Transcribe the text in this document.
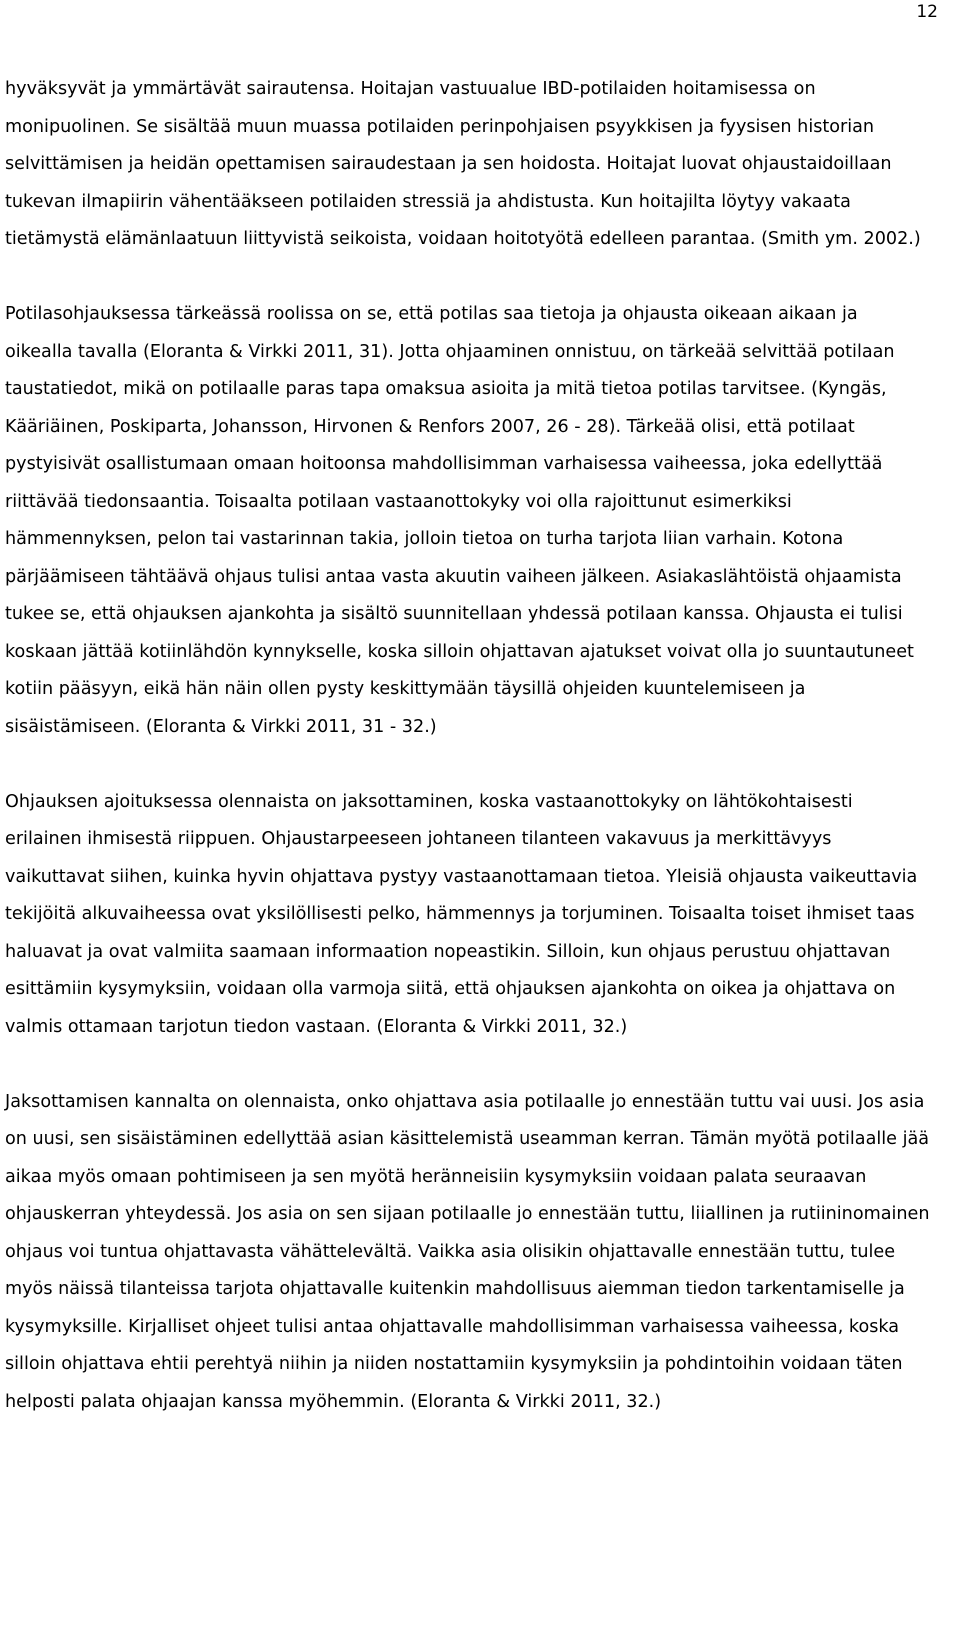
12

hyväksyvät ja ymmärtävät sairautensa. Hoitajan vastuualue IBD-potilaiden hoitamisessa on monipuolinen. Se sisältää muun muassa potilaiden perinpohjaisen psyykkisen ja fyysisen historian selvittämisen ja heidän opettamisen sairaudestaan ja sen hoidosta. Hoitajat luovat ohjaustaidoillaan tukevan ilmapiirin vähentääkseen potilaiden stressiä ja ahdistusta. Kun hoitajilta löytyy vakaata tietämystä elämänlaatuun liittyvistä seikoista, voidaan hoitotyötä edelleen parantaa. (Smith ym. 2002.)

Potilasohjauksessa tärkeässä roolissa on se, että potilas saa tietoja ja ohjausta oikeaan aikaan ja oikealla tavalla (Eloranta & Virkki 2011, 31). Jotta ohjaaminen onnistuu, on tärkeää selvittää potilaan taustatiedot, mikä on potilaalle paras tapa omaksua asioita ja mitä tietoa potilas tarvitsee. (Kyngäs, Kääriäinen, Poskiparta, Johansson, Hirvonen & Renfors 2007, 26 - 28). Tärkeää olisi, että potilaat pystyisivät osallistumaan omaan hoitoonsa mahdollisimman varhaisessa vaiheessa, joka edellyttää riittävää tiedonsaantia. Toisaalta potilaan vastaanottokyky voi olla rajoittunut esimerkiksi hämmennyksen, pelon tai vastarinnan takia, jolloin tietoa on turha tarjota liian varhain. Kotona pärjäämiseen tähtäävä ohjaus tulisi antaa vasta akuutin vaiheen jälkeen. Asiakaslähtöistä ohjaamista tukee se, että ohjauksen ajankohta ja sisältö suunnitellaan yhdessä potilaan kanssa. Ohjausta ei tulisi koskaan jättää kotiinlähdön kynnykselle, koska silloin ohjattavan ajatukset voivat olla jo suuntautuneet kotiin pääsyyn, eikä hän näin ollen pysty keskittymään täysillä ohjeiden kuuntelemiseen ja sisäistämiseen. (Eloranta & Virkki 2011, 31 - 32.)

Ohjauksen ajoituksessa olennaista on jaksottaminen, koska vastaanottokyky on lähtökohtaisesti erilainen ihmisestä riippuen. Ohjaustarpeeseen johtaneen tilanteen vakavuus ja merkittävyys vaikuttavat siihen, kuinka hyvin ohjattava pystyy vastaanottamaan tietoa. Yleisiä ohjausta vaikeuttavia tekijöitä alkuvaiheessa ovat yksilöllisesti pelko, hämmennys ja torjuminen. Toisaalta toiset ihmiset taas haluavat ja ovat valmiita saamaan informaation nopeastikin. Silloin, kun ohjaus perustuu ohjattavan esittämiin kysymyksiin, voidaan olla varmoja siitä, että ohjauksen ajankohta on oikea ja ohjattava on valmis ottamaan tarjotun tiedon vastaan. (Eloranta & Virkki 2011, 32.)

Jaksottamisen kannalta on olennaista, onko ohjattava asia potilaalle jo ennestään tuttu vai uusi. Jos asia on uusi, sen sisäistäminen edellyttää asian käsittelemistä useamman kerran. Tämän myötä potilaalle jää aikaa myös omaan pohtimiseen ja sen myötä heränneisiin kysymyksiin voidaan palata seuraavan ohjauskerran yhteydessä. Jos asia on sen sijaan potilaalle jo ennestään tuttu, liiallinen ja rutiininomainen ohjaus voi tuntua ohjattavasta vähättelevältä. Vaikka asia olisikin ohjattavalle ennestään tuttu, tulee myös näissä tilanteissa tarjota ohjattavalle kuitenkin mahdollisuus aiemman tiedon tarkentamiselle ja kysymyksille. Kirjalliset ohjeet tulisi antaa ohjattavalle mahdollisimman varhaisessa vaiheessa, koska silloin ohjattava ehtii perehtyä niihin ja niiden nostattamiin kysymyksiin ja pohdintoihin voidaan täten helposti palata ohjaajan kanssa myöhemmin. (Eloranta & Virkki 2011, 32.)
